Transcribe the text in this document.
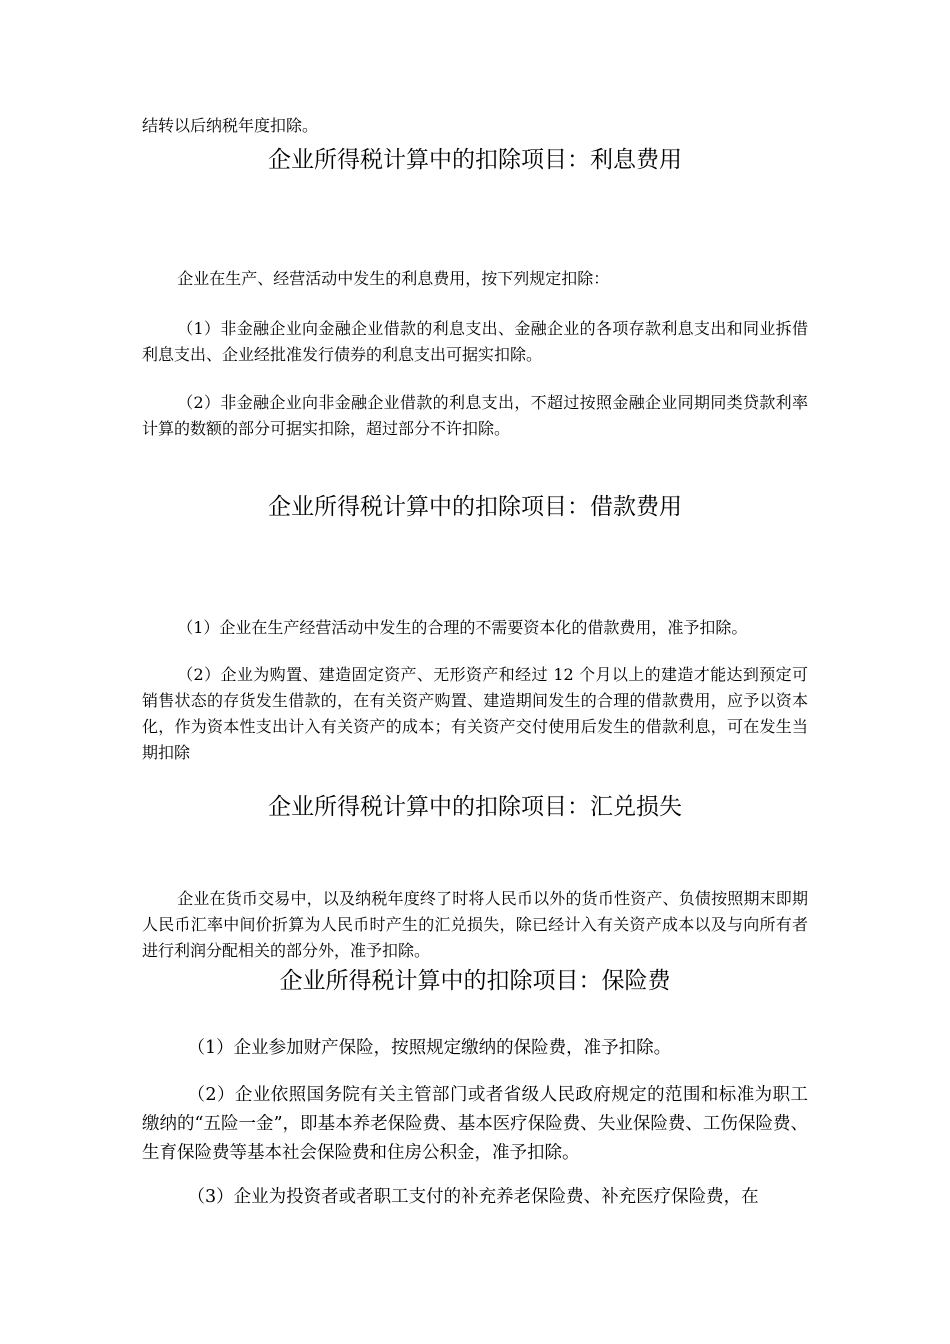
结转以后纳税年度扣除。

企业所得税计算中的扣除项目：利息费用

企业在生产、经营活动中发生的利息费用，按下列规定扣除：

（1）非金融企业向金融企业借款的利息支出、金融企业的各项存款利息支出和同业拆借利息支出、企业经批准发行债券的利息支出可据实扣除。

（2）非金融企业向非金融企业借款的利息支出，不超过按照金融企业同期同类贷款利率计算的数额的部分可据实扣除，超过部分不许扣除。

企业所得税计算中的扣除项目：借款费用

（1）企业在生产经营活动中发生的合理的不需要资本化的借款费用，准予扣除。

（2）企业为购置、建造固定资产、无形资产和经过 12 个月以上的建造才能达到预定可销售状态的存货发生借款的，在有关资产购置、建造期间发生的合理的借款费用，应予以资本化，作为资本性支出计入有关资产的成本；有关资产交付使用后发生的借款利息，可在发生当期扣除

企业所得税计算中的扣除项目：汇兑损失

企业在货币交易中，以及纳税年度终了时将人民币以外的货币性资产、负债按照期末即期人民币汇率中间价折算为人民币时产生的汇兑损失，除已经计入有关资产成本以及与向所有者进行利润分配相关的部分外，准予扣除。

企业所得税计算中的扣除项目：保险费

（1）企业参加财产保险，按照规定缴纳的保险费，准予扣除。

（2）企业依照国务院有关主管部门或者省级人民政府规定的范围和标准为职工缴纳的“五险一金”，即基本养老保险费、基本医疗保险费、失业保险费、工伤保险费、生育保险费等基本社会保险费和住房公积金，准予扣除。

（3）企业为投资者或者职工支付的补充养老保险费、补充医疗保险费，在
